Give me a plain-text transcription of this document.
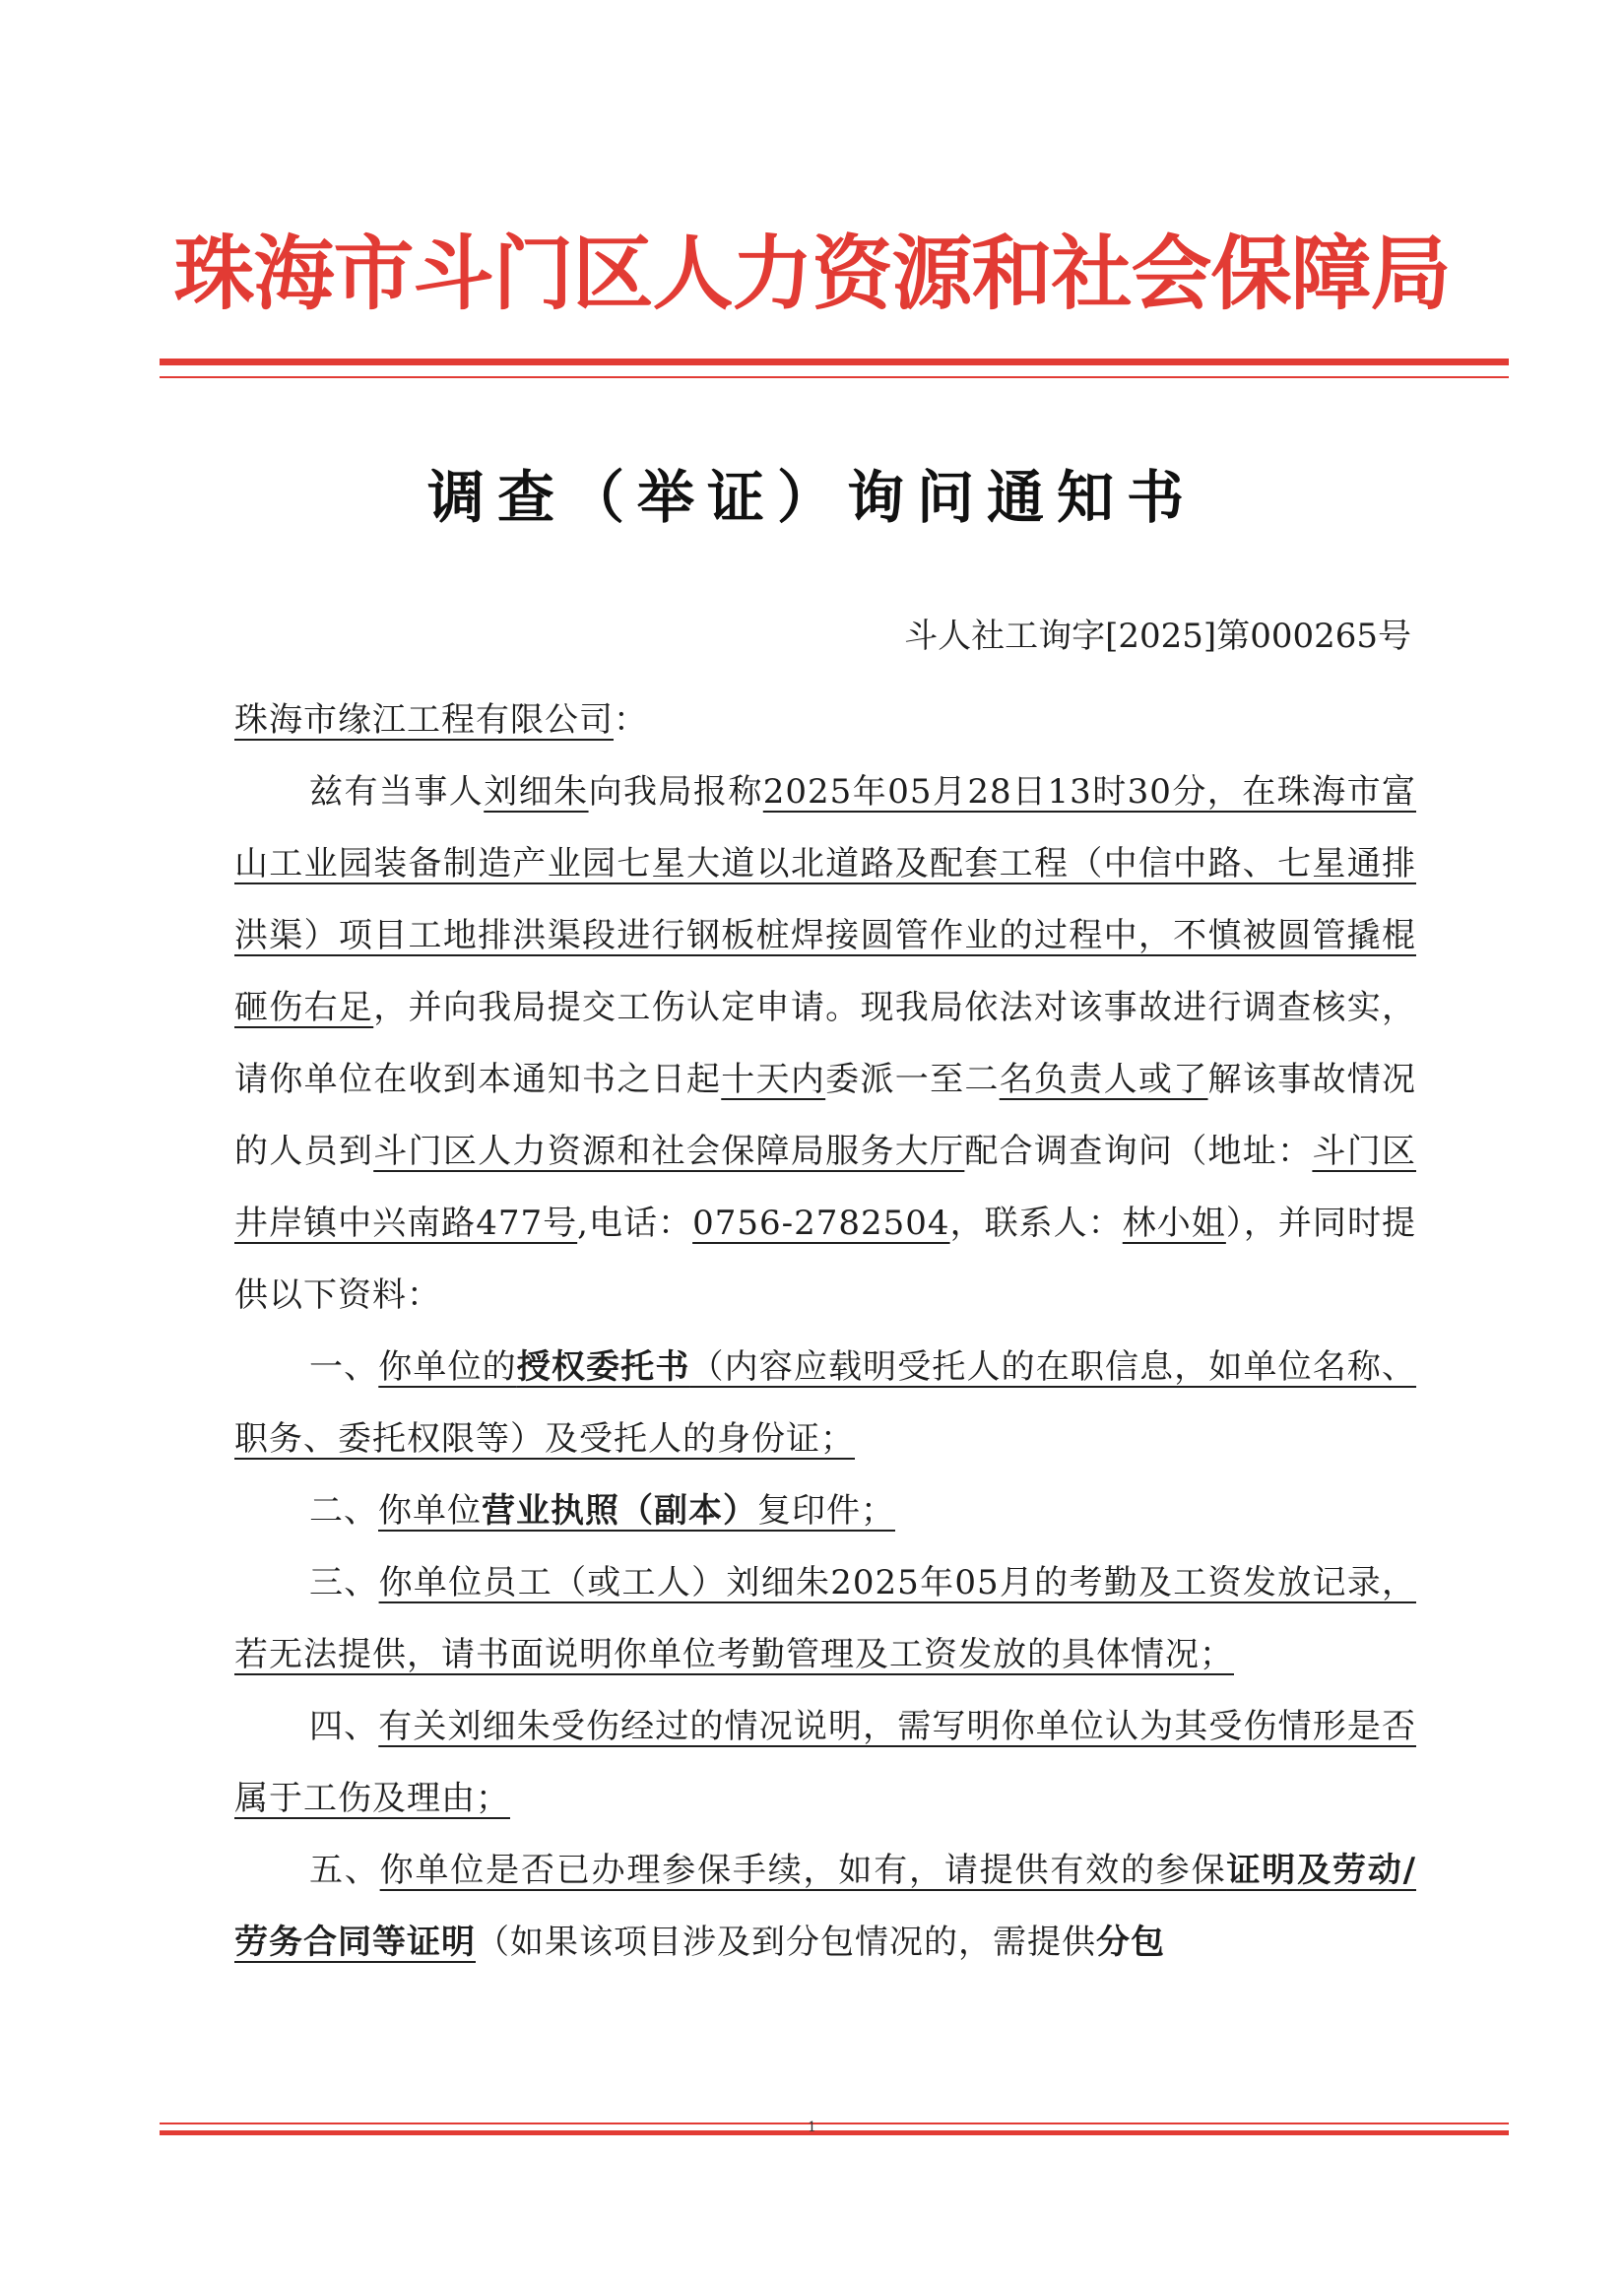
珠海市斗门区人力资源和社会保障局
调查（举证）询问通知书
斗人社工询字[2025]第000265号

珠海市缘江工程有限公司：

兹有当事人刘细朱向我局报称2025年05月28日13时30分，在珠海市富山工业园装备制造产业园七星大道以北道路及配套工程（中信中路、七星通排洪渠）项目工地排洪渠段进行钢板桩焊接圆管作业的过程中，不慎被圆管撬棍砸伤右足，并向我局提交工伤认定申请。现我局依法对该事故进行调查核实，请你单位在收到本通知书之日起十天内委派一至二名负责人或了解该事故情况的人员到斗门区人力资源和社会保障局服务大厅配合调查询问（地址：斗门区井岸镇中兴南路477号,电话：0756-2782504，联系人：林小姐），并同时提供以下资料：

一、你单位的授权委托书（内容应载明受托人的在职信息，如单位名称、职务、委托权限等）及受托人的身份证；

二、你单位营业执照（副本）复印件；

三、你单位员工（或工人）刘细朱2025年05月的考勤及工资发放记录，若无法提供，请书面说明你单位考勤管理及工资发放的具体情况；

四、有关刘细朱受伤经过的情况说明，需写明你单位认为其受伤情形是否属于工伤及理由；

五、你单位是否已办理参保手续，如有，请提供有效的参保证明及劳动/劳务合同等证明（如果该项目涉及到分包情况的，需提供分包

1
